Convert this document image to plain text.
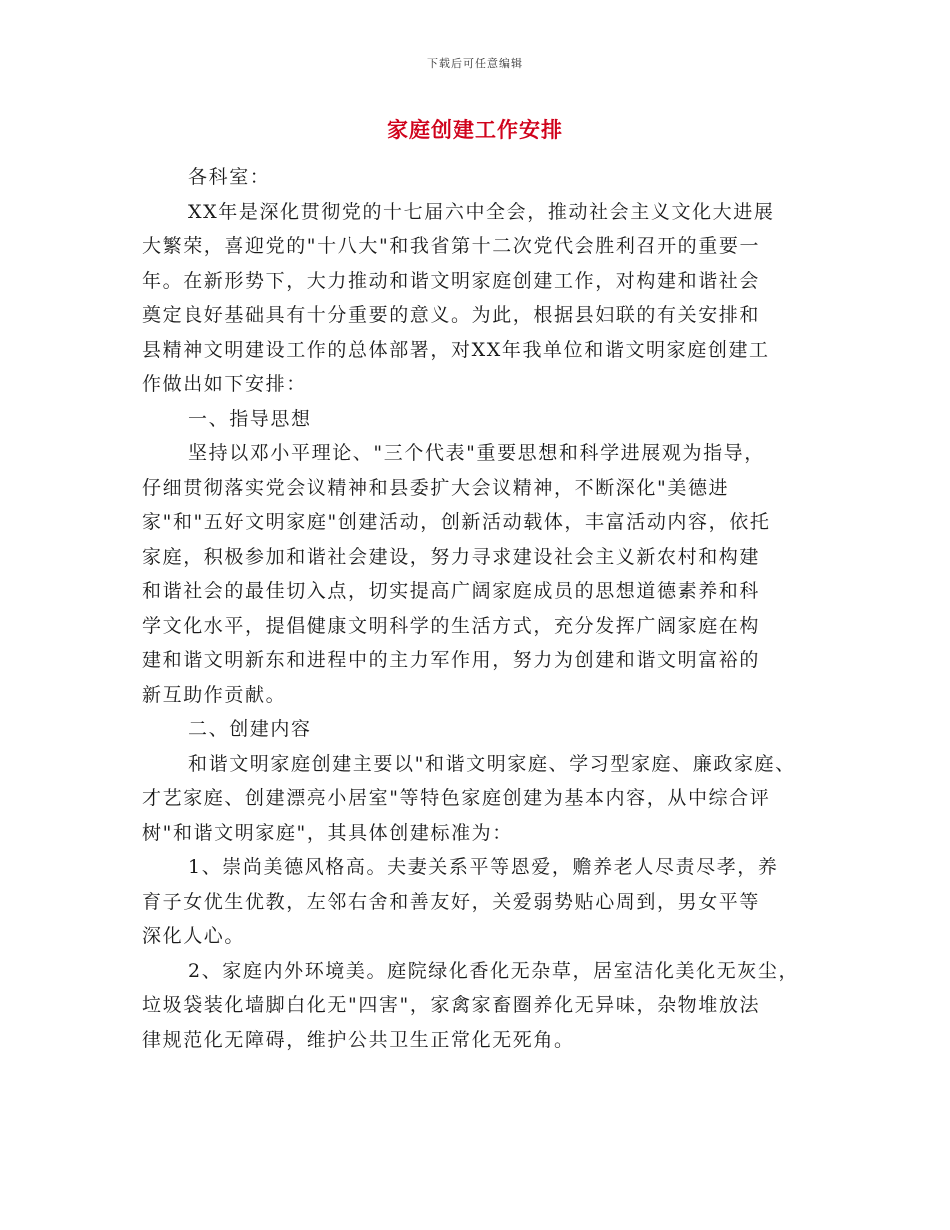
下载后可任意编辑
家庭创建工作安排
各科室：
XX年是深化贯彻党的十七届六中全会，推动社会主义文化大进展
大繁荣，喜迎党的"十八大"和我省第十二次党代会胜利召开的重要一
年。在新形势下，大力推动和谐文明家庭创建工作，对构建和谐社会
奠定良好基础具有十分重要的意义。为此，根据县妇联的有关安排和
县精神文明建设工作的总体部署，对XX年我单位和谐文明家庭创建工
作做出如下安排：
一、指导思想
坚持以邓小平理论、"三个代表"重要思想和科学进展观为指导，
仔细贯彻落实党会议精神和县委扩大会议精神，不断深化"美德进
家"和"五好文明家庭"创建活动，创新活动载体，丰富活动内容，依托
家庭，积极参加和谐社会建设，努力寻求建设社会主义新农村和构建
和谐社会的最佳切入点，切实提高广阔家庭成员的思想道德素养和科
学文化水平，提倡健康文明科学的生活方式，充分发挥广阔家庭在构
建和谐文明新东和进程中的主力军作用，努力为创建和谐文明富裕的
新互助作贡献。
二、创建内容
和谐文明家庭创建主要以"和谐文明家庭、学习型家庭、廉政家庭、
才艺家庭、创建漂亮小居室"等特色家庭创建为基本内容，从中综合评
树"和谐文明家庭"，其具体创建标准为：
1、崇尚美德风格高。夫妻关系平等恩爱，赡养老人尽责尽孝，养
育子女优生优教，左邻右舍和善友好，关爱弱势贴心周到，男女平等
深化人心。
2、家庭内外环境美。庭院绿化香化无杂草，居室洁化美化无灰尘，
垃圾袋装化墙脚白化无"四害"，家禽家畜圈养化无异味，杂物堆放法
律规范化无障碍，维护公共卫生正常化无死角。
